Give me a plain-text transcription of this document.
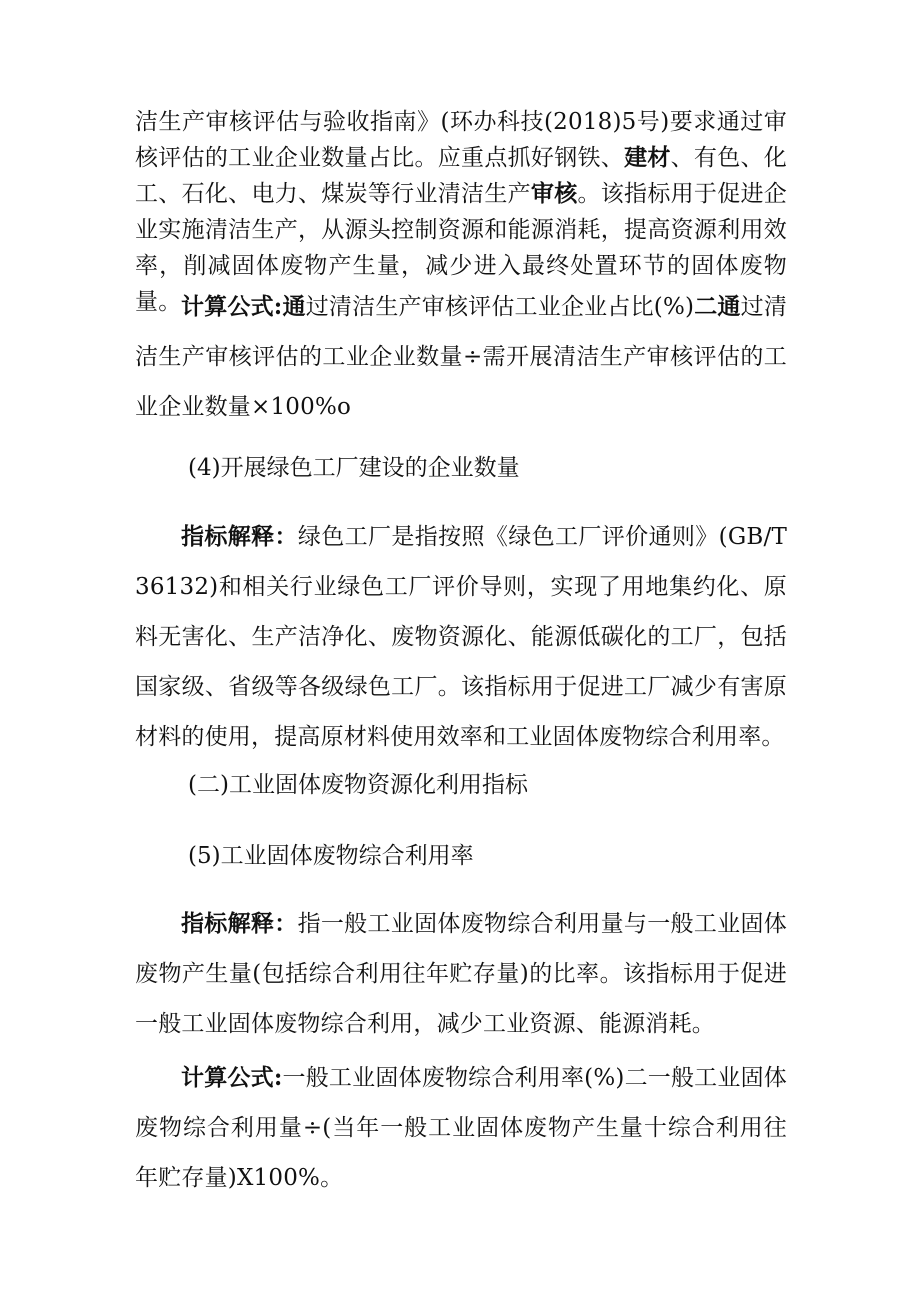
洁生产审核评估与验收指南》(环办科技(2018)5号)要求通过审核评估的工业企业数量占比。应重点抓好钢铁、建材、有色、化工、石化、电力、煤炭等行业清洁生产审核。该指标用于促进企业实施清洁生产，从源头控制资源和能源消耗，提高资源利用效率，削减固体废物产生量，减少进入最终处置环节的固体废物量。 计算公式:通过清洁生产审核评估工业企业占比(%)二通过清洁生产审核评估的工业企业数量÷需开展清洁生产审核评估的工业企业数量×100%o

(4)开展绿色工厂建设的企业数量

指标解释：绿色工厂是指按照《绿色工厂评价通则》(GB/T36132)和相关行业绿色工厂评价导则，实现了用地集约化、原料无害化、生产洁净化、废物资源化、能源低碳化的工厂，包括国家级、省级等各级绿色工厂。该指标用于促进工厂减少有害原材料的使用，提高原材料使用效率和工业固体废物综合利用率。

(二)工业固体废物资源化利用指标

(5)工业固体废物综合利用率

指标解释：指一般工业固体废物综合利用量与一般工业固体废物产生量(包括综合利用往年贮存量)的比率。该指标用于促进一般工业固体废物综合利用，减少工业资源、能源消耗。

计算公式:一般工业固体废物综合利用率(%)二一般工业固体废物综合利用量÷(当年一般工业固体废物产生量十综合利用往年贮存量)X100%。
